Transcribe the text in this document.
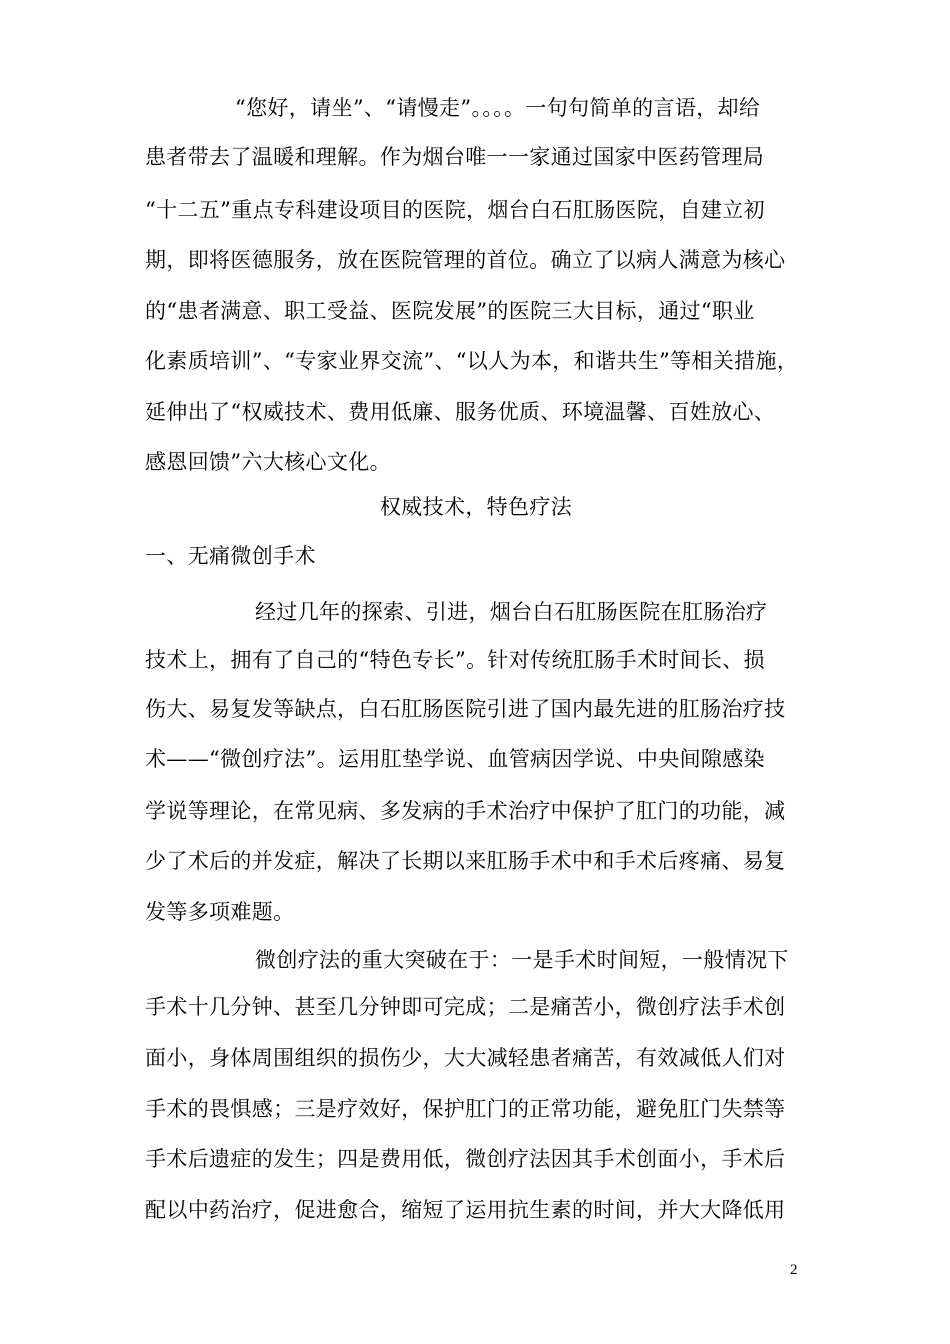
“您好，请坐”、“请慢走”。。。。一句句简单的言语，却给
患者带去了温暖和理解。作为烟台唯一一家通过国家中医药管理局
“十二五”重点专科建设项目的医院，烟台白石肛肠医院，自建立初
期，即将医德服务，放在医院管理的首位。确立了以病人满意为核心
的“患者满意、职工受益、医院发展”的医院三大目标，通过“职业
化素质培训”、“专家业界交流”、“以人为本，和谐共生”等相关措施，
延伸出了“权威技术、费用低廉、服务优质、环境温馨、百姓放心、
感恩回馈”六大核心文化。
权威技术，特色疗法
一、无痛微创手术
经过几年的探索、引进，烟台白石肛肠医院在肛肠治疗
技术上，拥有了自己的“特色专长”。针对传统肛肠手术时间长、损
伤大、易复发等缺点，白石肛肠医院引进了国内最先进的肛肠治疗技
术——“微创疗法”。运用肛垫学说、血管病因学说、中央间隙感染
学说等理论，在常见病、多发病的手术治疗中保护了肛门的功能，减
少了术后的并发症，解决了长期以来肛肠手术中和手术后疼痛、易复
发等多项难题。
微创疗法的重大突破在于：一是手术时间短，一般情况下
手术十几分钟、甚至几分钟即可完成；二是痛苦小，微创疗法手术创
面小，身体周围组织的损伤少，大大减轻患者痛苦，有效减低人们对
手术的畏惧感；三是疗效好，保护肛门的正常功能，避免肛门失禁等
手术后遗症的发生；四是费用低，微创疗法因其手术创面小，手术后
配以中药治疗，促进愈合，缩短了运用抗生素的时间，并大大降低用
2
